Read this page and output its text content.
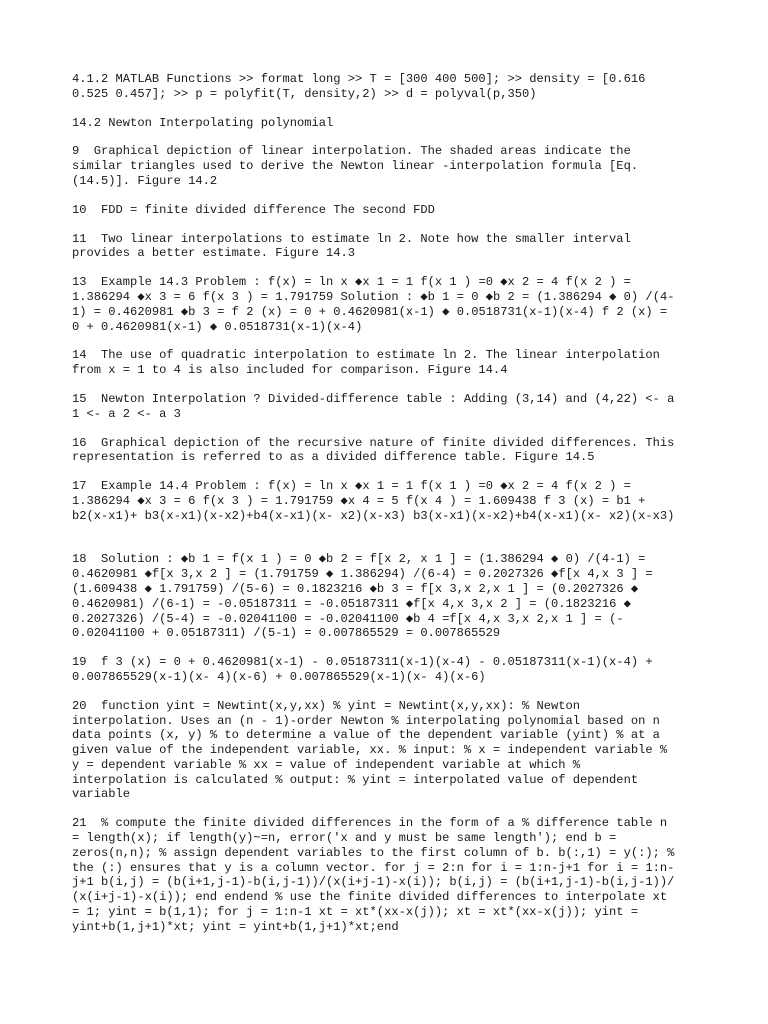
4.1.2 MATLAB Functions >> format long >> T = [300 400 500]; >> density = [0.616
0.525 0.457]; >> p = polyfit(T, density,2) >> d = polyval(p,350)
14.2 Newton Interpolating polynomial
9  Graphical depiction of linear interpolation. The shaded areas indicate the
similar triangles used to derive the Newton linear -interpolation formula [Eq.
(14.5)]. Figure 14.2
10  FDD = finite divided difference The second FDD
11  Two linear interpolations to estimate ln 2. Note how the smaller interval
provides a better estimate. Figure 14.3
13  Example 14.3 Problem : f(x) = ln x ◆x 1 = 1 f(x 1 ) =0 ◆x 2 = 4 f(x 2 ) =
1.386294 ◆x 3 = 6 f(x 3 ) = 1.791759 Solution : ◆b 1 = 0 ◆b 2 = (1.386294 ◆ 0) /(4-
1) = 0.4620981 ◆b 3 = f 2 (x) = 0 + 0.4620981(x-1) ◆ 0.0518731(x-1)(x-4) f 2 (x) =
0 + 0.4620981(x-1) ◆ 0.0518731(x-1)(x-4)
14  The use of quadratic interpolation to estimate ln 2. The linear interpolation
from x = 1 to 4 is also included for comparison. Figure 14.4
15  Newton Interpolation ? Divided-difference table : Adding (3,14) and (4,22) <- a
1 <- a 2 <- a 3
16  Graphical depiction of the recursive nature of finite divided differences. This
representation is referred to as a divided difference table. Figure 14.5
17  Example 14.4 Problem : f(x) = ln x ◆x 1 = 1 f(x 1 ) =0 ◆x 2 = 4 f(x 2 ) =
1.386294 ◆x 3 = 6 f(x 3 ) = 1.791759 ◆x 4 = 5 f(x 4 ) = 1.609438 f 3 (x) = b1 +
b2(x-x1)+ b3(x-x1)(x-x2)+b4(x-x1)(x- x2)(x-x3) b3(x-x1)(x-x2)+b4(x-x1)(x- x2)(x-x3)

18  Solution : ◆b 1 = f(x 1 ) = 0 ◆b 2 = f[x 2, x 1 ] = (1.386294 ◆ 0) /(4-1) =
0.4620981 ◆f[x 3,x 2 ] = (1.791759 ◆ 1.386294) /(6-4) = 0.2027326 ◆f[x 4,x 3 ] =
(1.609438 ◆ 1.791759) /(5-6) = 0.1823216 ◆b 3 = f[x 3,x 2,x 1 ] = (0.2027326 ◆
0.4620981) /(6-1) = -0.05187311 = -0.05187311 ◆f[x 4,x 3,x 2 ] = (0.1823216 ◆
0.2027326) /(5-4) = -0.02041100 = -0.02041100 ◆b 4 =f[x 4,x 3,x 2,x 1 ] = (-
0.02041100 + 0.05187311) /(5-1) = 0.007865529 = 0.007865529
19  f 3 (x) = 0 + 0.4620981(x-1) - 0.05187311(x-1)(x-4) - 0.05187311(x-1)(x-4) +
0.007865529(x-1)(x- 4)(x-6) + 0.007865529(x-1)(x- 4)(x-6)
20  function yint = Newtint(x,y,xx) % yint = Newtint(x,y,xx): % Newton
interpolation. Uses an (n - 1)-order Newton % interpolating polynomial based on n
data points (x, y) % to determine a value of the dependent variable (yint) % at a
given value of the independent variable, xx. % input: % x = independent variable %
y = dependent variable % xx = value of independent variable at which %
interpolation is calculated % output: % yint = interpolated value of dependent
variable
21  % compute the finite divided differences in the form of a % difference table n
= length(x); if length(y)~=n, error('x and y must be same length'); end b =
zeros(n,n); % assign dependent variables to the first column of b. b(:,1) = y(:); %
the (:) ensures that y is a column vector. for j = 2:n for i = 1:n-j+1 for i = 1:n-
j+1 b(i,j) = (b(i+1,j-1)-b(i,j-1))/(x(i+j-1)-x(i)); b(i,j) = (b(i+1,j-1)-b(i,j-1))/
(x(i+j-1)-x(i)); end endend % use the finite divided differences to interpolate xt
= 1; yint = b(1,1); for j = 1:n-1 xt = xt*(xx-x(j)); xt = xt*(xx-x(j)); yint =
yint+b(1,j+1)*xt; yint = yint+b(1,j+1)*xt;end
